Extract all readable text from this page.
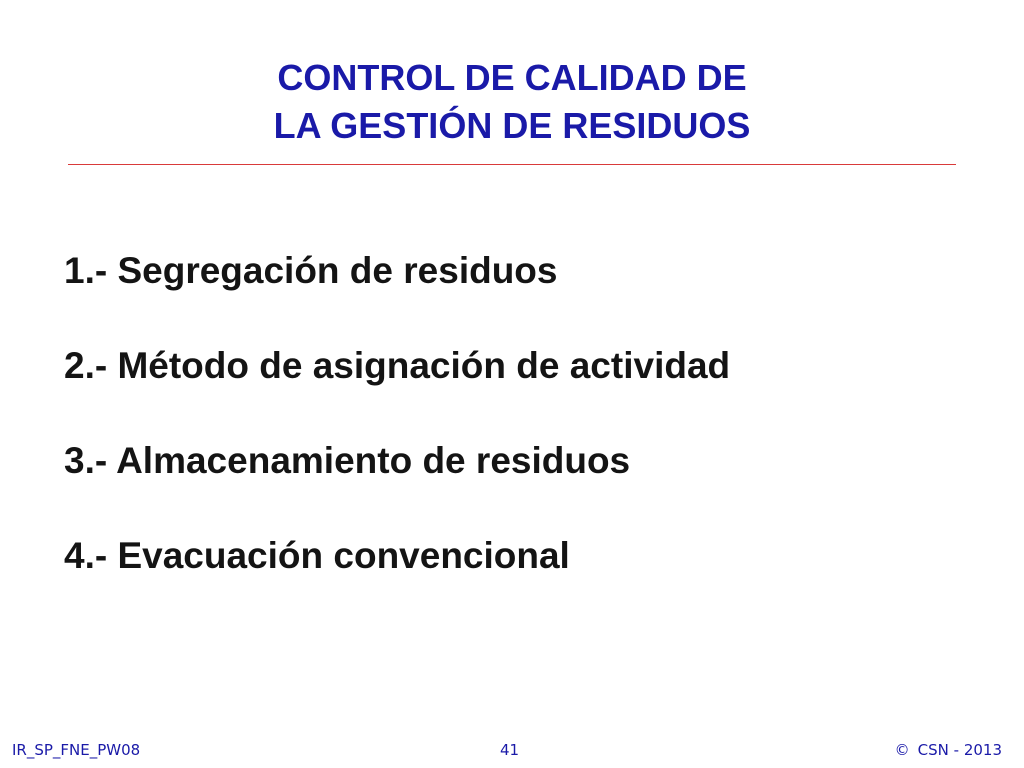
CONTROL DE CALIDAD DE
LA GESTIÓN DE RESIDUOS
1.- Segregación de residuos
2.- Método de asignación de actividad
3.- Almacenamiento de residuos
4.- Evacuación convencional
IR_SP_FNE_PW08	41	© CSN - 2013
